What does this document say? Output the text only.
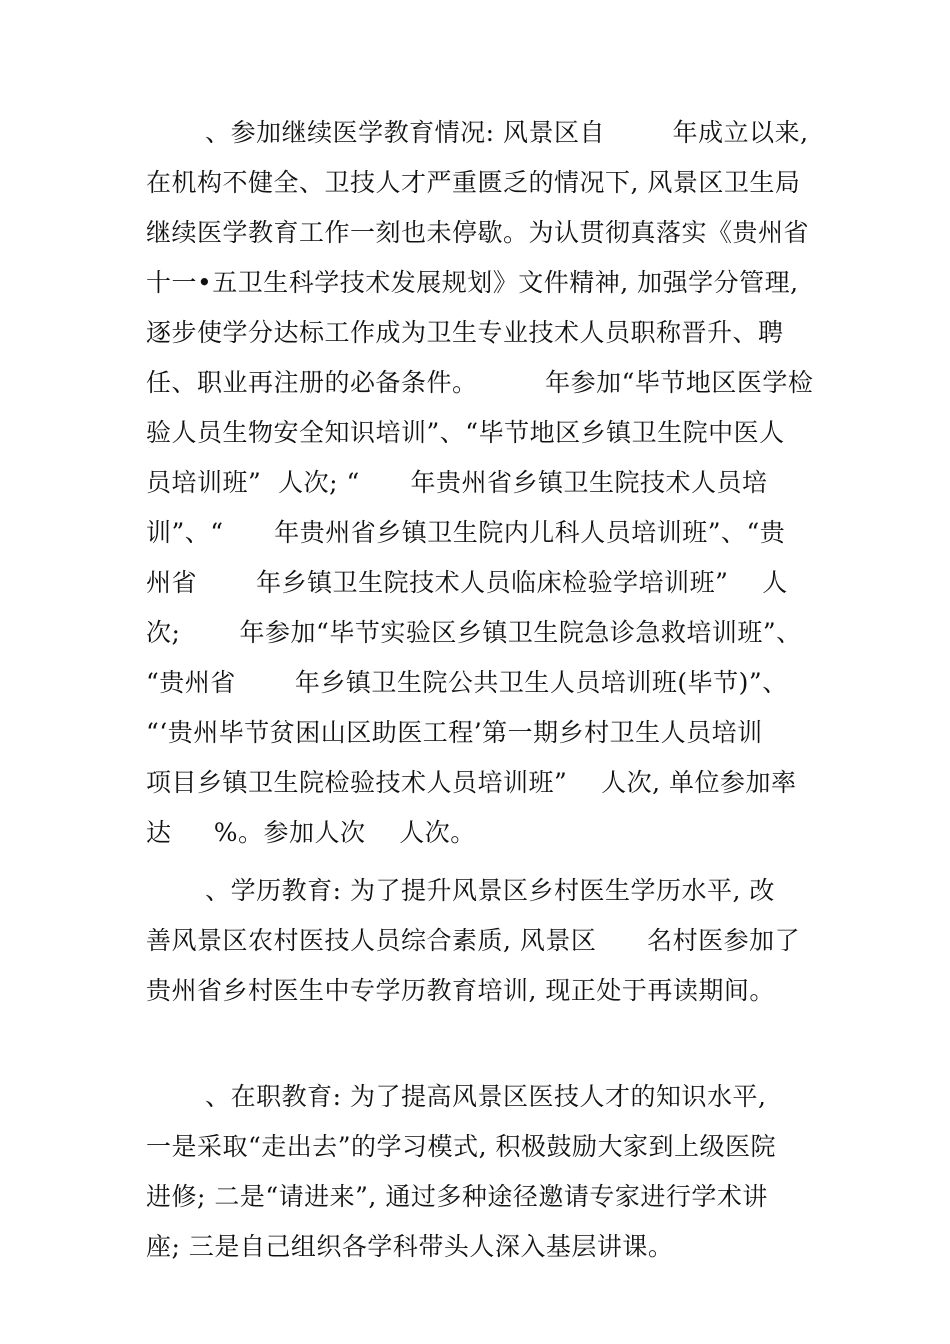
、参加继续医学教育情况: 风景区自        年成立以来,
在机构不健全、卫技人才严重匮乏的情况下, 风景区卫生局
继续医学教育工作一刻也未停歇。为认贯彻真落实《贵州省
十一•五卫生科学技术发展规划》文件精神, 加强学分管理,
逐步使学分达标工作成为卫生专业技术人员职称晋升、聘
任、职业再注册的必备条件。        年参加“毕节地区医学检
验人员生物安全知识培训”、“毕节地区乡镇卫生院中医人
员培训班”  人次; “      年贵州省乡镇卫生院技术人员培
训”、“      年贵州省乡镇卫生院内儿科人员培训班”、“贵
州省       年乡镇卫生院技术人员临床检验学培训班”    人
次;       年参加“毕节实验区乡镇卫生院急诊急救培训班”、
“贵州省       年乡镇卫生院公共卫生人员培训班(毕节)”、
“‘贵州毕节贫困山区助医工程’第一期乡村卫生人员培训
项目乡镇卫生院检验技术人员培训班”    人次, 单位参加率
达     %。参加人次    人次。
、学历教育: 为了提升风景区乡村医生学历水平, 改
善风景区农村医技人员综合素质, 风景区      名村医参加了
贵州省乡村医生中专学历教育培训, 现正处于再读期间。
、在职教育: 为了提高风景区医技人才的知识水平,
一是采取“走出去”的学习模式, 积极鼓励大家到上级医院
进修; 二是“请进来”, 通过多种途径邀请专家进行学术讲
座; 三是自己组织各学科带头人深入基层讲课。
